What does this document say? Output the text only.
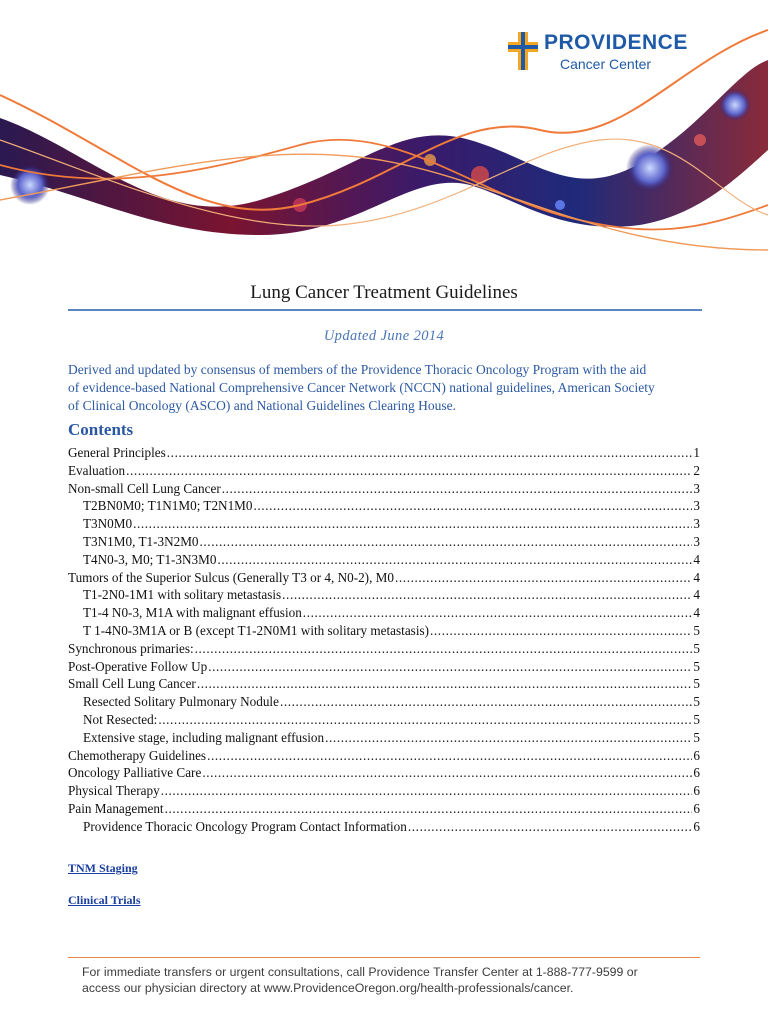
PROVIDENCE
Cancer Center
Lung Cancer Treatment Guidelines
Updated June 2014

Derived and updated by consensus of members of the Providence Thoracic Oncology Program with the aid
of evidence-based National Comprehensive Cancer Network (NCCN) national guidelines, American Society
of Clinical Oncology (ASCO) and National Guidelines Clearing House.

Contents
General Principles .....	1
Evaluation .....	2
Non-small Cell Lung Cancer .....	3
T2BN0M0; T1N1M0; T2N1M0 .....	3
T3N0M0 .....	3
T3N1M0, T1-3N2M0 .....	3
T4N0-3, M0; T1-3N3M0 .....	4
Tumors of the Superior Sulcus (Generally T3 or 4, N0-2), M0 .....	4
T1-2N0-1M1 with solitary metastasis .....	4
T1-4 N0-3, M1A with malignant effusion .....	4
T 1-4N0-3M1A or B (except T1-2N0M1 with solitary metastasis) .....	5
Synchronous primaries: .....	5
Post-Operative Follow Up .....	5
Small Cell Lung Cancer .....	5
Resected Solitary Pulmonary Nodule .....	5
Not Resected: .....	5
Extensive stage, including malignant effusion .....	5
Chemotherapy Guidelines .....	6
Oncology Palliative Care .....	6
Physical Therapy .....	6
Pain Management .....	6
Providence Thoracic Oncology Program Contact Information .....	6
TNM Staging
Clinical Trials
For immediate transfers or urgent consultations, call Providence Transfer Center at 1-888-777-9599 or
access our physician directory at www.ProvidenceOregon.org/health-professionals/cancer.
